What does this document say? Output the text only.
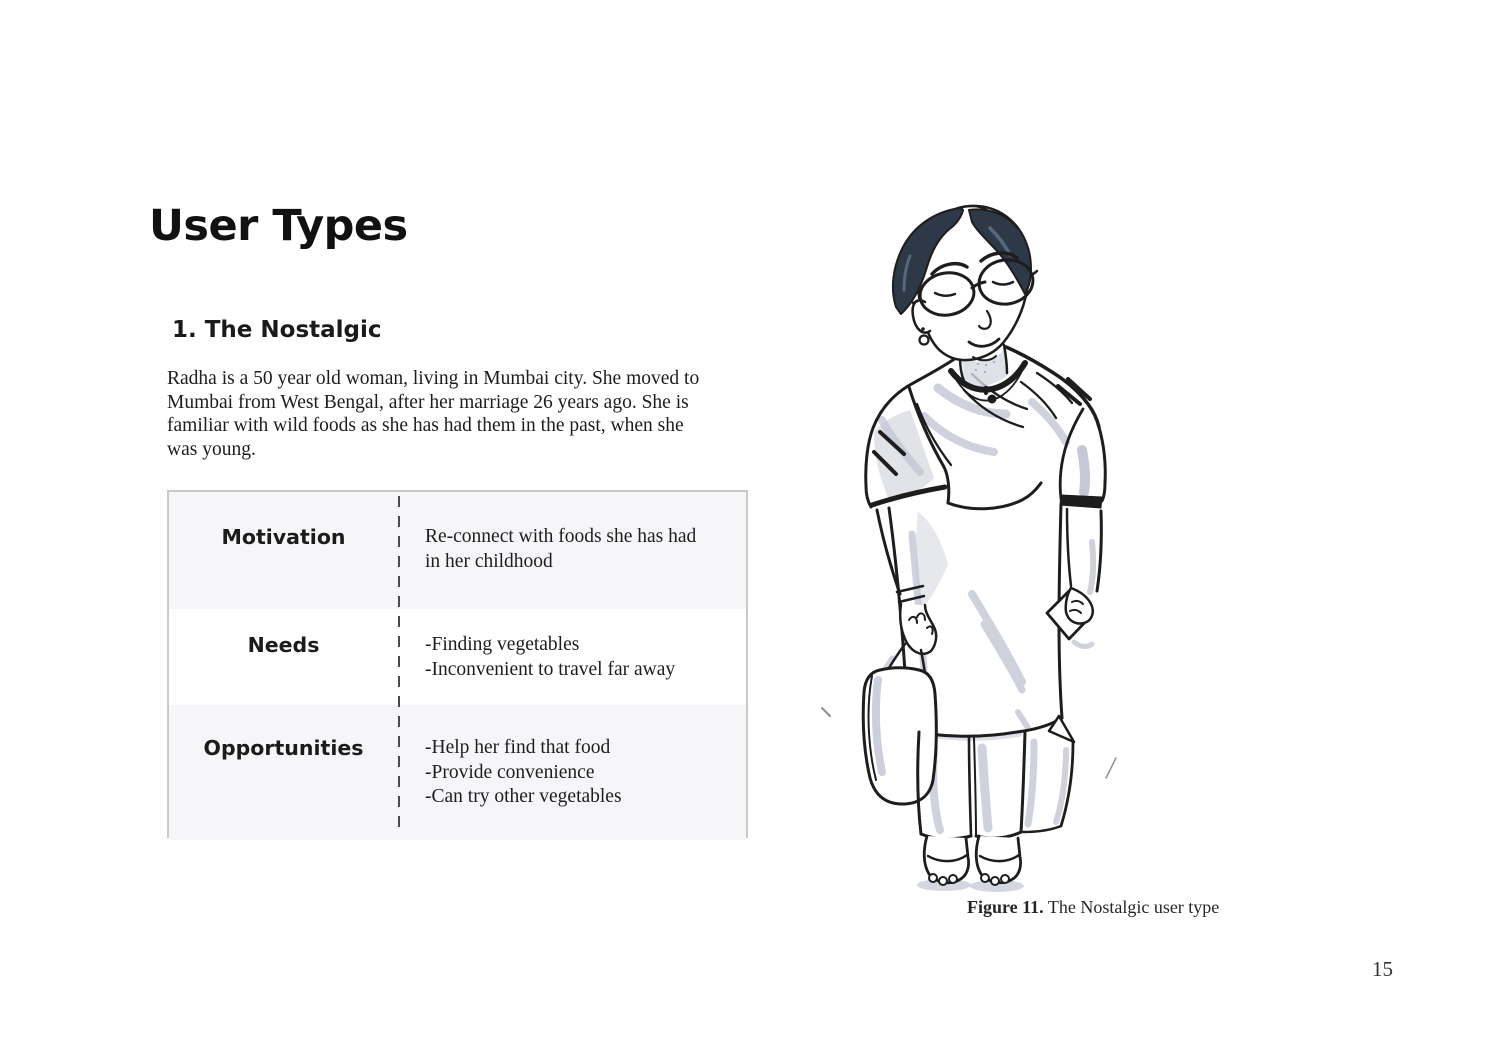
User Types
1. The Nostalgic
Radha is a 50 year old woman, living in Mumbai city. She moved to
Mumbai from West Bengal, after her marriage 26 years ago. She is
familiar with wild foods as she has had them in the past, when she
was young.
Motivation	Re-connect with foods she has had
in her childhood
Needs	-Finding vegetables
-Inconvenient to travel far away
Opportunities	-Help her find that food
-Provide convenience
-Can try other vegetables
Figure 11. The Nostalgic user type
15
